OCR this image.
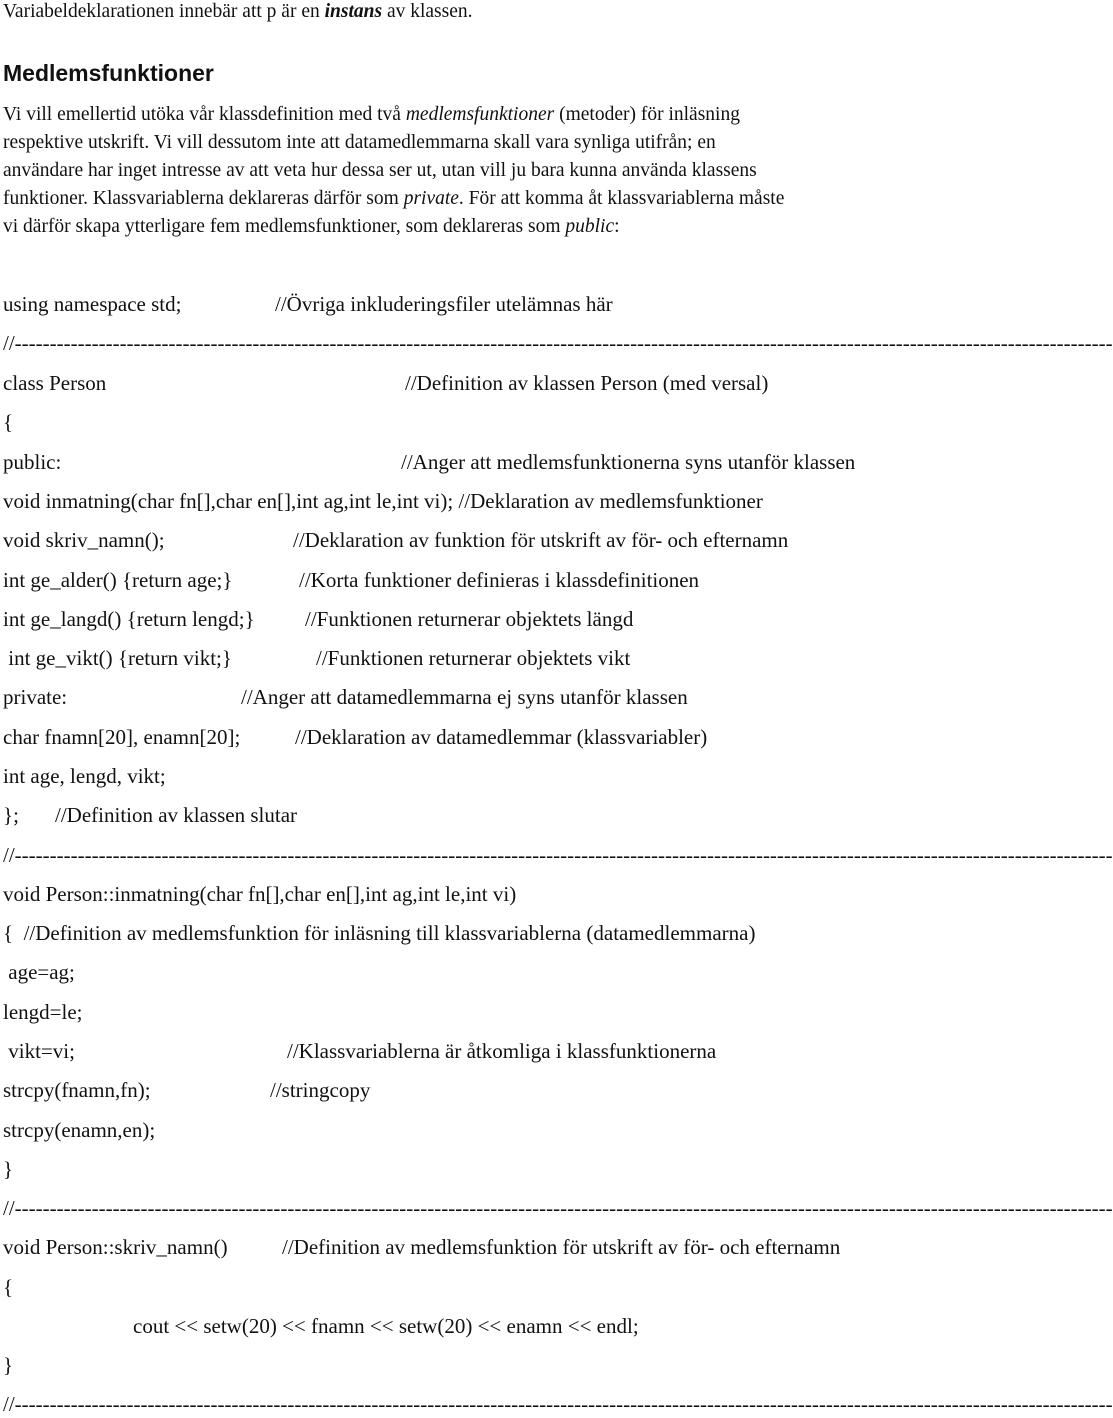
Variabeldeklarationen innebär att p är en instans av klassen.
Medlemsfunktioner
Vi vill emellertid utöka vår klassdefinition med två medlemsfunktioner (metoder) för inläsning
respektive utskrift. Vi vill dessutom inte att datamedlemmarna skall vara synliga utifrån; en
användare har inget intresse av att veta hur dessa ser ut, utan vill ju bara kunna använda klassens
funktioner. Klassvariablerna deklareras därför som private. För att komma åt klassvariablerna måste
vi därför skapa ytterligare fem medlemsfunktioner, som deklareras som public:
using namespace std;	//Övriga inkluderingsfiler utelämnas här
//-------------------------------------------------------------------------------------------------------------------------------------------------------------
class Person	//Definition av klassen Person (med versal)
{
public:	//Anger att medlemsfunktionerna syns utanför klassen
void inmatning(char fn[],char en[],int ag,int le,int vi); //Deklaration av medlemsfunktioner
void skriv_namn();	//Deklaration av funktion för utskrift av för- och efternamn
int ge_alder() {return age;}	//Korta funktioner definieras i klassdefinitionen
int ge_langd() {return lengd;} //Funktionen returnerar objektets längd
int ge_vikt() {return vikt;}	//Funktionen returnerar objektets vikt
private:	//Anger att datamedlemmarna ej syns utanför klassen
char fnamn[20], enamn[20];	//Deklaration av datamedlemmar (klassvariabler)
int age, lengd, vikt;
}; //Definition av klassen slutar
//-------------------------------------------------------------------------------------------------------------------------------------------------------------
void Person::inmatning(char fn[],char en[],int ag,int le,int vi)
{  //Definition av medlemsfunktion för inläsning till klassvariablerna (datamedlemmarna)
age=ag;
lengd=le;
vikt=vi;	//Klassvariablerna är åtkomliga i klassfunktionerna
strcpy(fnamn,fn);	//stringcopy
strcpy(enamn,en);
}
//-------------------------------------------------------------------------------------------------------------------------------------------------------------
void Person::skriv_namn()	//Definition av medlemsfunktion för utskrift av för- och efternamn
{
cout << setw(20) << fnamn << setw(20) << enamn << endl;
}
//-------------------------------------------------------------------------------------------------------------------------------------------------------------
